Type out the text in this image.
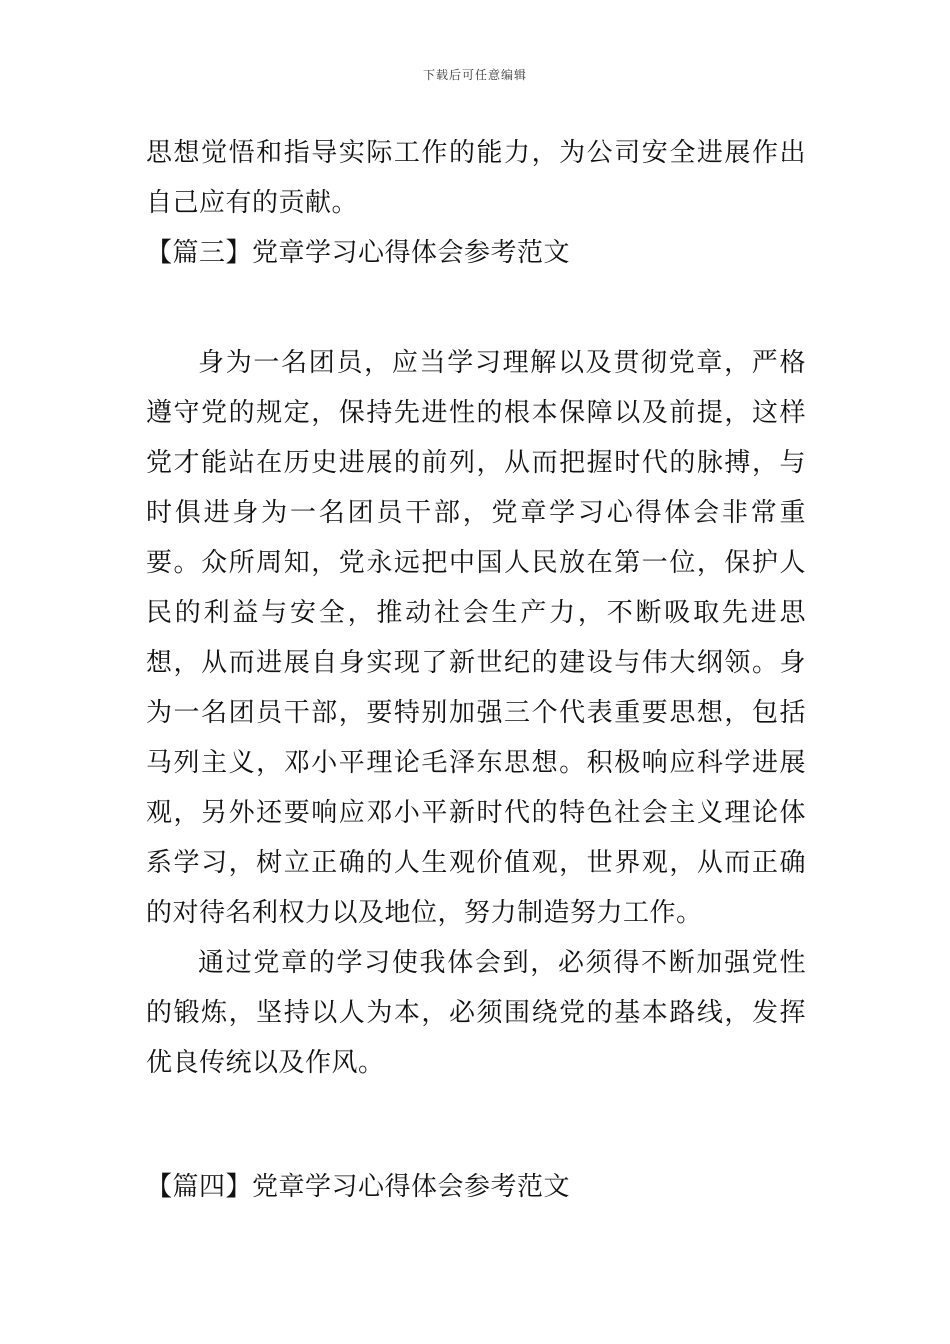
下载后可任意编辑

思想觉悟和指导实际工作的能力，为公司安全进展作出自己应有的贡献。

【篇三】党章学习心得体会参考范文

身为一名团员，应当学习理解以及贯彻党章，严格遵守党的规定，保持先进性的根本保障以及前提，这样党才能站在历史进展的前列，从而把握时代的脉搏，与时俱进身为一名团员干部，党章学习心得体会非常重要。众所周知，党永远把中国人民放在第一位，保护人民的利益与安全，推动社会生产力，不断吸取先进思想，从而进展自身实现了新世纪的建设与伟大纲领。身为一名团员干部，要特别加强三个代表重要思想，包括马列主义，邓小平理论毛泽东思想。积极响应科学进展观，另外还要响应邓小平新时代的特色社会主义理论体系学习，树立正确的人生观价值观，世界观，从而正确的对待名利权力以及地位，努力制造努力工作。

通过党章的学习使我体会到，必须得不断加强党性的锻炼，坚持以人为本，必须围绕党的基本路线，发挥优良传统以及作风。

【篇四】党章学习心得体会参考范文
